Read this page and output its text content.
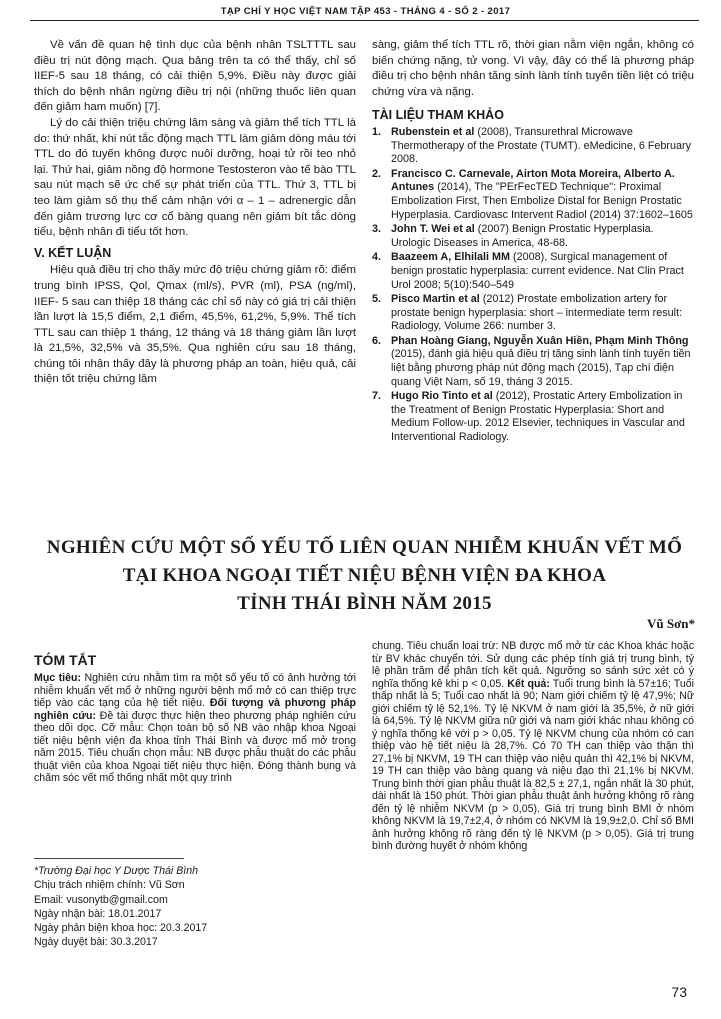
TẠP CHÍ Y HỌC VIỆT NAM TẬP 453 - THÁNG 4 - SỐ 2 - 2017

Về vấn đề quan hệ tình dục của bệnh nhân TSLTTTL sau điều trị nút động mạch. Qua bảng trên ta có thể thấy, chỉ số IIEF-5 sau 18 tháng, có cải thiện 5,9%. Điều này được giải thích do bệnh nhân ngừng điều trị nội (những thuốc liên quan đến giảm ham muốn) [7].

Lý do cải thiện triệu chứng lâm sàng và giảm thể tích TTL là do: thứ nhất, khi nút tắc động mạch TTL làm giảm dòng máu tới TTL do đó tuyến không được nuôi dưỡng, hoại tử rồi teo nhỏ lại. Thứ hai, giảm nồng độ hormone Testosteron vào tế bào TTL sau nút mạch sẽ ức chế sự phát triển của TTL. Thứ 3, TTL bị teo làm giảm số thụ thể cảm nhận với α – 1 – adrenergic dẫn đến giảm trương lực cơ cổ bàng quang nên giảm bít tắc dòng tiểu, bệnh nhân đi tiểu tốt hơn.

V. KẾT LUẬN

Hiệu quả điều trị cho thấy mức độ triệu chứng giảm rõ: điểm trung bình IPSS, Qol, Qmax (ml/s), PVR (ml), PSA (ng/ml), IIEF- 5 sau can thiệp 18 tháng các chỉ số này có giá trị cải thiện lần lượt là 15,5 điểm, 2,1 điểm, 45,5%, 61,2%, 5,9%. Thể tích TTL sau can thiệp 1 tháng, 12 tháng và 18 tháng giảm lần lượt là 21,5%, 32,5% và 35,5%. Qua nghiên cứu sau 18 tháng, chúng tôi nhận thấy đây là phương pháp an toàn, hiệu quả, cải thiện tốt triệu chứng lâm

sàng, giảm thể tích TTL rõ, thời gian nằm viện ngắn, không có biến chứng nặng, tử vong. Vì vậy, đây có thể là phương pháp điều trị cho bệnh nhân tăng sinh lành tính tuyến tiền liệt có triệu chứng vừa và nặng.

TÀI LIỆU THAM KHẢO
1. Rubenstein et al (2008), Transurethral Microwave Thermotherapy of the Prostate (TUMT). eMedicine, 6 February 2008.
2. Francisco C. Carnevale, Airton Mota Moreira, Alberto A. Antunes (2014), The "PErFecTED Technique": Proximal Embolization First, Then Embolize Distal for Benign Prostatic Hyperplasia. Cardiovasc Intervent Radiol (2014) 37:1602–1605
3. John T. Wei et al (2007) Benign Prostatic Hyperplasia. Urologic Diseases in America, 48-68.
4. Baazeem A, Elhilali MM (2008), Surgical management of benign prostatic hyperplasia: current evidence. Nat Clin Pract Urol 2008; 5(10):540–549
5. Pisco Martin et al (2012) Prostate embolization artery for prostate benign hyperplasia: short – intermediate term result: Radiology, Volume 266: number 3.
6. Phan Hoàng Giang, Nguyễn Xuân Hiền, Phạm Minh Thông (2015), đánh giá hiệu quả điều trị tăng sinh lành tính tuyến tiền liệt bằng phương pháp nút động mạch (2015), Tạp chí điện quang Việt Nam, số 19, tháng 3 2015.
7. Hugo Rio Tinto et al (2012), Prostatic Artery Embolization in the Treatment of Benign Prostatic Hyperplasia: Short and Medium Follow-up. 2012 Elsevier, techniques in Vascular and Interventional Radiology.
NGHIÊN CỨU MỘT SỐ YẾU TỐ LIÊN QUAN NHIỄM KHUẨN VẾT MỔ
TẠI KHOA NGOẠI TIẾT NIỆU BỆNH VIỆN ĐA KHOA
TỈNH THÁI BÌNH NĂM 2015
Vũ Sơn*
TÓM TẮT
Mục tiêu: Nghiên cứu nhằm tìm ra một số yếu tố có ảnh hưởng tới nhiễm khuẩn vết mổ ở những người bệnh mổ mở có can thiệp trực tiếp vào các tạng của hệ tiết niệu. Đối tượng và phương pháp nghiên cứu: Đề tài được thực hiện theo phương pháp nghiên cứu theo dõi dọc. Cỡ mẫu: Chọn toàn bộ số NB vào nhập khoa Ngoại tiết niệu bệnh viện đa khoa tỉnh Thái Bình và được mổ mở trong năm 2015. Tiêu chuẩn chọn mẫu: NB được phẫu thuật do các phẫu thuật viên của khoa Ngoại tiết niệu thực hiện. Đóng thành bụng và chăm sóc vết mổ thống nhất một quy trình
chung. Tiêu chuẩn loại trừ: NB được mổ mở từ các Khoa khác hoặc từ BV khác chuyển tới. Sử dụng các phép tính giá trị trung bình, tỷ lệ phần trăm để phân tích kết quả. Ngưỡng so sánh sức xét có ý nghĩa thống kê khi p < 0,05. Kết quả: Tuổi trung bình là 57±16; Tuổi thấp nhất là 5; Tuổi cao nhất là 90; Nam giới chiếm tỷ lệ 47,9%; Nữ giới chiếm tỷ lệ 52,1%. Tỷ lệ NKVM ở nam giới là 35,5%, ở nữ giới là 64,5%. Tỷ lệ NKVM giữa nữ giới và nam giới khác nhau không có ý nghĩa thống kê với p > 0,05. Tỷ lệ NKVM chung của nhóm có can thiệp vào hệ tiết niệu là 28,7%. Có 70 TH can thiệp vào thận thì 27,1% bị NKVM, 19 TH can thiệp vào niệu quản thì 42,1% bị NKVM, 19 TH can thiệp vào bàng quang và niệu đạo thì 21,1% bị NKVM. Trung bình thời gian phẫu thuật là 82,5 ± 27,1, ngắn nhất là 30 phút, dài nhất là 150 phút. Thời gian phẫu thuật ảnh hưởng không rõ ràng đến tỷ lệ nhiễm NKVM (p > 0,05). Giá trị trung bình BMI ở nhóm không NKVM là 19,7±2,4, ở nhóm có NKVM là 19,9±2,0. Chỉ số BMI ảnh hưởng không rõ ràng đến tỷ lệ NKVM (p > 0,05). Giá trị trung bình đường huyết ở nhóm không
*Trường Đại học Y Dược Thái Bình
Chịu trách nhiệm chính: Vũ Sơn
Email: vusonytb@gmail.com
Ngày nhận bài: 18.01.2017
Ngày phản biện khoa học: 20.3.2017
Ngày duyệt bài: 30.3.2017
73
